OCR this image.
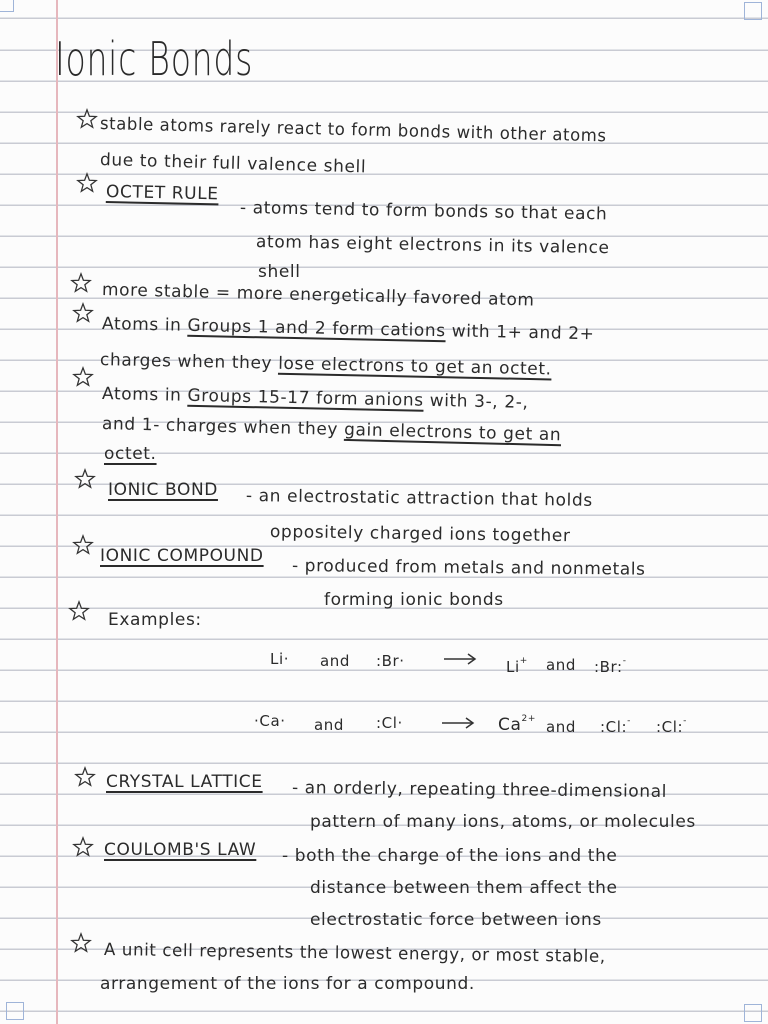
Ionic Bonds
stable atoms rarely react to form bonds with other atoms
due to their full valence shell
OCTET RULE
- atoms tend to form bonds so that each
atom has eight electrons in its valence
shell
more stable = more energetically favored atom
Atoms in Groups 1 and 2 form cations with 1+ and 2+
charges when they lose electrons to get an octet.
Atoms in Groups 15-17 form anions with 3-, 2-,
and 1- charges when they gain electrons to get an
octet.
IONIC BOND - an electrostatic attraction that holds
oppositely charged ions together
IONIC COMPOUND
- produced from metals and nonmetals
forming ionic bonds
Examples:
Li· and :Br·	Li+ and :Br:-
·Ca· and :Cl· → $Ca^{2+}$ and :Cl:- :Cl:-
CRYSTAL LATTICE - an orderly, repeating three-dimensional
pattern of many ions, atoms, or molecules
COULOMB'S LAW - both the charge of the ions and the
distance between them affect the
electrostatic force between ions
A unit cell represents the lowest energy, or most stable,
arrangement of the ions for a compound.
